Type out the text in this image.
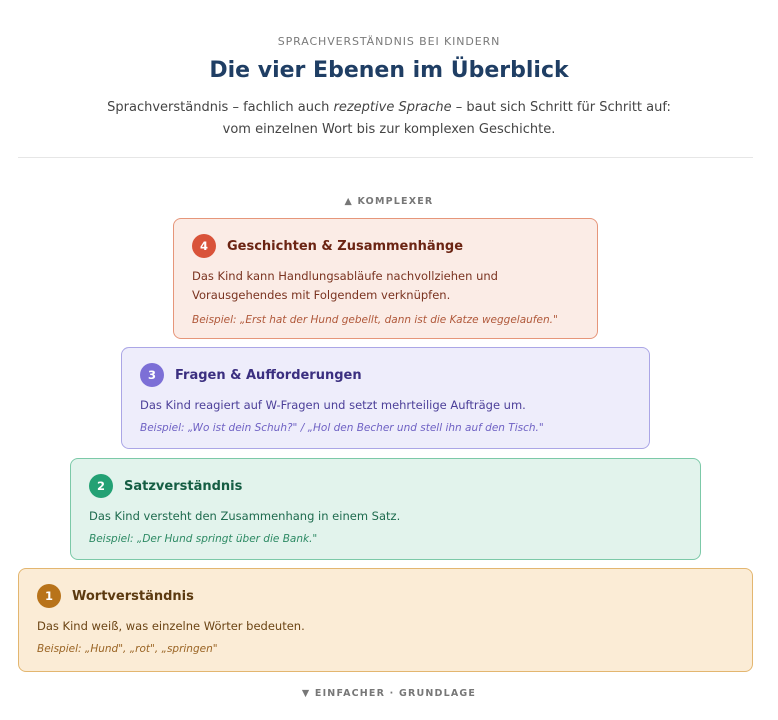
SPRACHVERSTÄNDNIS BEI KINDERN
Die vier Ebenen im Überblick
Sprachverständnis – fachlich auch rezeptive Sprache – baut sich Schritt für Schritt auf:
vom einzelnen Wort bis zur komplexen Geschichte.
▲ KOMPLEXER
4	Geschichten & Zusammenhänge
Das Kind kann Handlungsabläufe nachvollziehen und Vorausgehendes mit Folgendem verknüpfen.
Beispiel: „Erst hat der Hund gebellt, dann ist die Katze weggelaufen."
3	Fragen & Aufforderungen
Das Kind reagiert auf W-Fragen und setzt mehrteilige Aufträge um.
Beispiel: „Wo ist dein Schuh?" / „Hol den Becher und stell ihn auf den Tisch."
2	Satzverständnis
Das Kind versteht den Zusammenhang in einem Satz.
Beispiel: „Der Hund springt über die Bank."
1	Wortverständnis
Das Kind weiß, was einzelne Wörter bedeuten.
Beispiel: „Hund", „rot", „springen"
▼ EINFACHER · GRUNDLAGE
